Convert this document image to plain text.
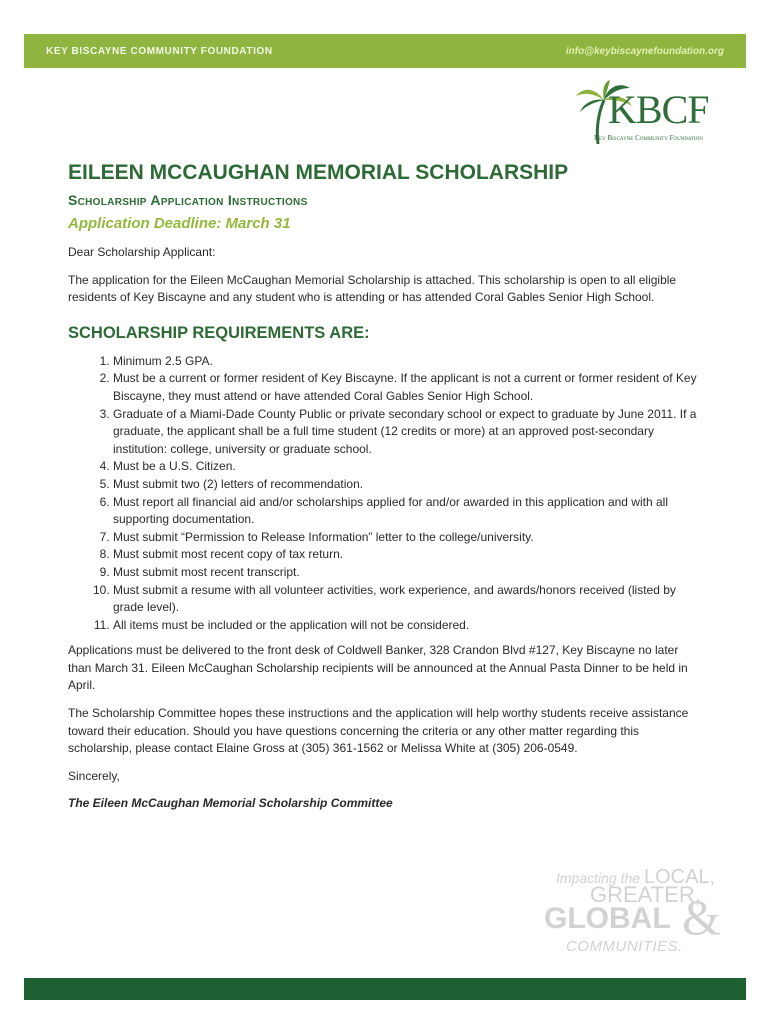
KEY BISCAYNE COMMUNITY FOUNDATION	info@keybiscaynefoundation.org
KBCF
Key Biscayne Community Foundation
EILEEN MCCAUGHAN MEMORIAL SCHOLARSHIP
Scholarship Application Instructions
Application Deadline: March 31

Dear Scholarship Applicant:

The application for the Eileen McCaughan Memorial Scholarship is attached. This scholarship is open to all eligible residents of Key Biscayne and any student who is attending or has attended Coral Gables Senior High School.

SCHOLARSHIP REQUIREMENTS ARE:
1. Minimum 2.5 GPA.
2. Must be a current or former resident of Key Biscayne. If the applicant is not a current or former resident of Key Biscayne, they must attend or have attended Coral Gables Senior High School.
3. Graduate of a Miami-Dade County Public or private secondary school or expect to graduate by June 2011. If a graduate, the applicant shall be a full time student (12 credits or more) at an approved post-secondary institution: college, university or graduate school.
4. Must be a U.S. Citizen.
5. Must submit two (2) letters of recommendation.
6. Must report all financial aid and/or scholarships applied for and/or awarded in this application and with all supporting documentation.
7. Must submit “Permission to Release Information” letter to the college/university.
8. Must submit most recent copy of tax return.
9. Must submit most recent transcript.
10. Must submit a resume with all volunteer activities, work experience, and awards/honors received (listed by grade level).
11. All items must be included or the application will not be considered.

Applications must be delivered to the front desk of Coldwell Banker, 328 Crandon Blvd #127, Key Biscayne no later than March 31. Eileen McCaughan Scholarship recipients will be announced at the Annual Pasta Dinner to be held in April.

The Scholarship Committee hopes these instructions and the application will help worthy students receive assistance toward their education. Should you have questions concerning the criteria or any other matter regarding this scholarship, please contact Elaine Gross at (305) 361-1562 or Melissa White at (305) 206-0549.

Sincerely,

The Eileen McCaughan Memorial Scholarship Committee

Impacting the LOCAL,
GREATER,
GLOBAL &
COMMUNITIES.
